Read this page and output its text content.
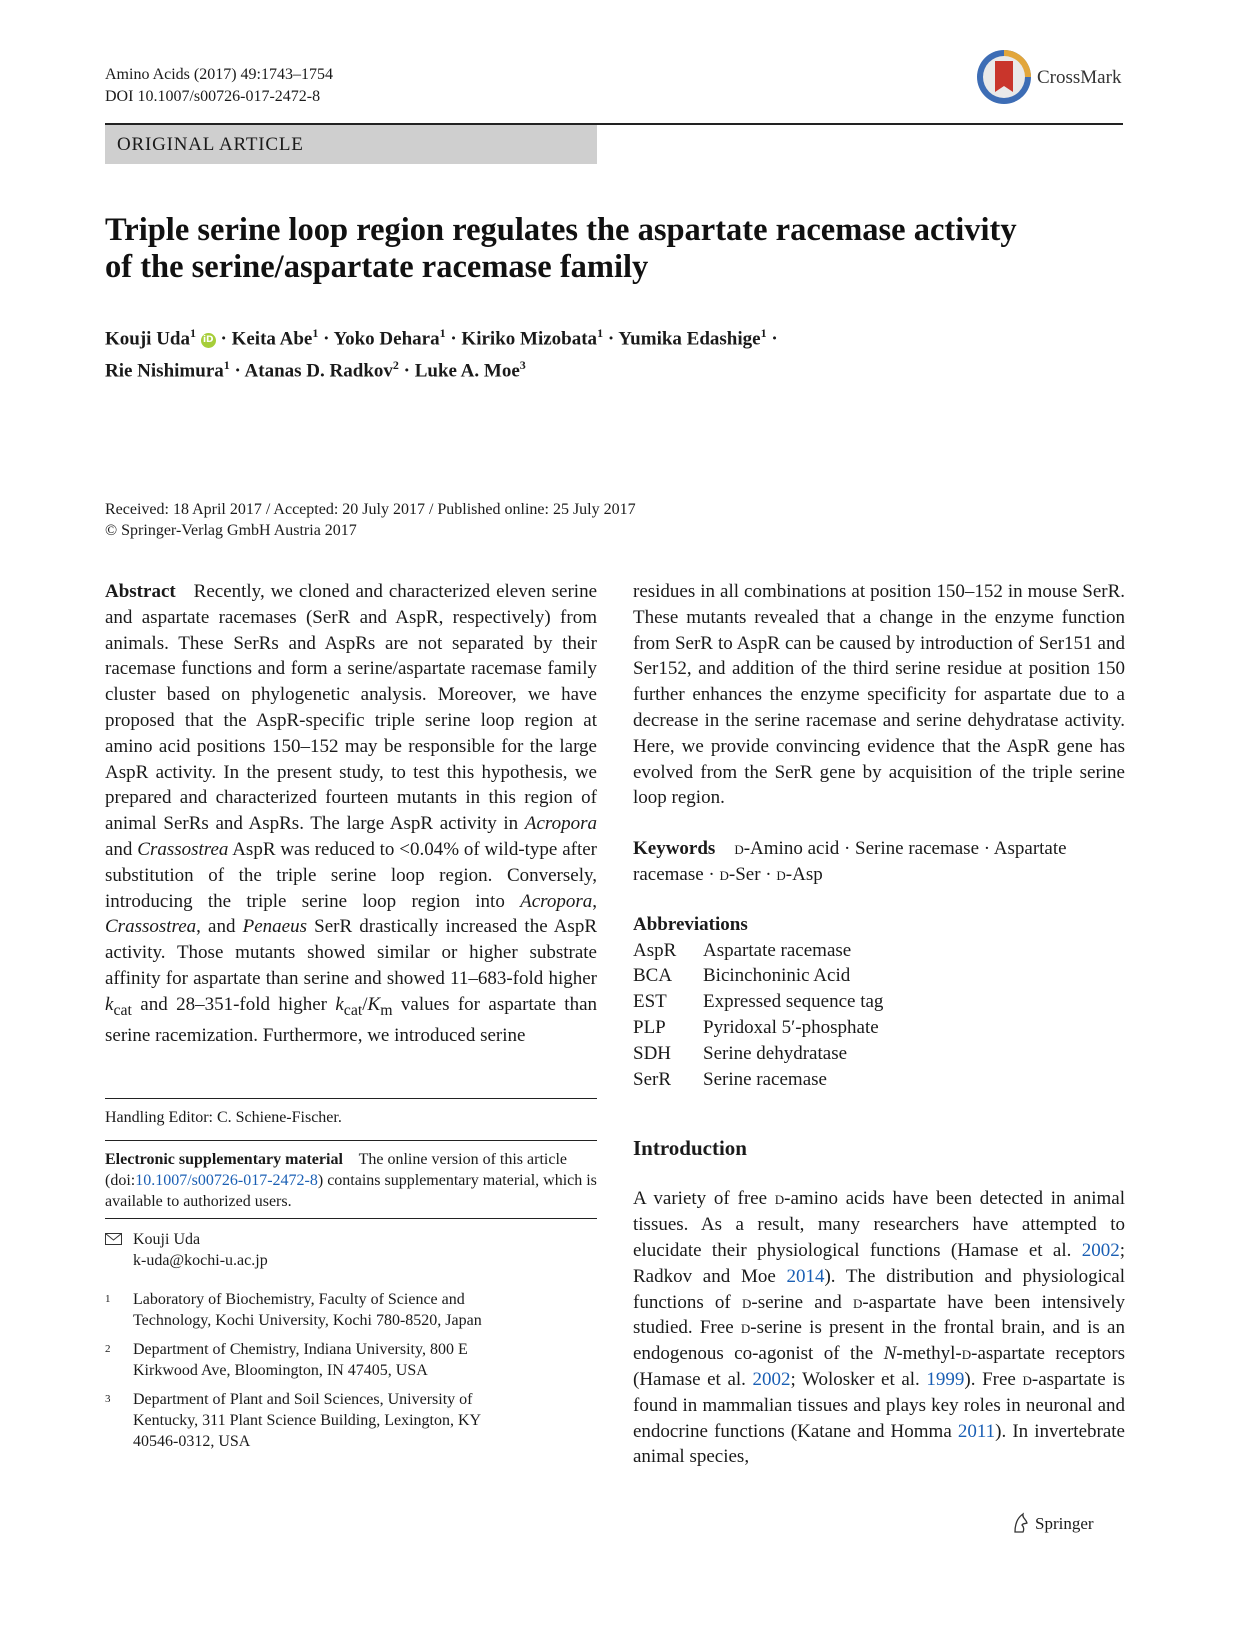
Amino Acids (2017) 49:1743–1754
DOI 10.1007/s00726-017-2472-8
CrossMark
ORIGINAL ARTICLE
Triple serine loop region regulates the aspartate racemase activity
of the serine/aspartate racemase family
Kouji Uda$^1$ iD · Keita Abe$^1$ · Yoko Dehara$^1$ · Kiriko Mizobata$^1$ · Yumika Edashige$^1$ ·
Rie Nishimura$^1$ · Atanas D. Radkov$^2$ · Luke A. Moe$^3$
Received: 18 April 2017 / Accepted: 20 July 2017 / Published online: 25 July 2017
© Springer-Verlag GmbH Austria 2017

Abstract Recently, we cloned and characterized eleven serine and aspartate racemases (SerR and AspR, respectively) from animals. These SerRs and AspRs are not separated by their racemase functions and form a serine/aspartate racemase family cluster based on phylogenetic analysis. Moreover, we have proposed that the AspR-specific triple serine loop region at amino acid positions 150–152 may be responsible for the large AspR activity. In the present study, to test this hypothesis, we prepared and characterized fourteen mutants in this region of animal SerRs and AspRs. The large AspR activity in Acropora and Crassostrea AspR was reduced to <0.04% of wild-type after substitution of the triple serine loop region. Conversely, introducing the triple serine loop region into Acropora, Crassostrea, and Penaeus SerR drastically increased the AspR activity. Those mutants showed similar or higher substrate affinity for aspartate than serine and showed 11–683-fold higher $k_{cat}$ and 28–351-fold higher $k_{cat}/K_m$ values for aspartate than serine racemization. Furthermore, we introduced serine

Handling Editor: C. Schiene-Fischer.
Electronic supplementary material The online version of this article (doi:10.1007/s00726-017-2472-8) contains supplementary material, which is available to authorized users.
Kouji Uda
k-uda@kochi-u.ac.jp
1	Laboratory of Biochemistry, Faculty of Science and Technology, Kochi University, Kochi 780-8520, Japan
2	Department of Chemistry, Indiana University, 800 E Kirkwood Ave, Bloomington, IN 47405, USA
3	Department of Plant and Soil Sciences, University of Kentucky, 311 Plant Science Building, Lexington, KY 40546-0312, USA

residues in all combinations at position 150–152 in mouse SerR. These mutants revealed that a change in the enzyme function from SerR to AspR can be caused by introduction of Ser151 and Ser152, and addition of the third serine residue at position 150 further enhances the enzyme specificity for aspartate due to a decrease in the serine racemase and serine dehydratase activity. Here, we provide convincing evidence that the AspR gene has evolved from the SerR gene by acquisition of the triple serine loop region.

Keywords d-Amino acid · Serine racemase · Aspartate racemase · d-Ser · d-Asp
Abbreviations
AspR	Aspartate racemase
BCA	Bicinchoninic Acid
EST	Expressed sequence tag
PLP	Pyridoxal 5′-phosphate
SDH	Serine dehydratase
SerR	Serine racemase
Introduction

A variety of free d-amino acids have been detected in animal tissues. As a result, many researchers have attempted to elucidate their physiological functions (Hamase et al. 2002; Radkov and Moe 2014). The distribution and physiological functions of d-serine and d-aspartate have been intensively studied. Free d-serine is present in the frontal brain, and is an endogenous co-agonist of the N-methyl-d-aspartate receptors (Hamase et al. 2002; Wolosker et al. 1999). Free d-aspartate is found in mammalian tissues and plays key roles in neuronal and endocrine functions (Katane and Homma 2011). In invertebrate animal species,

Springer
